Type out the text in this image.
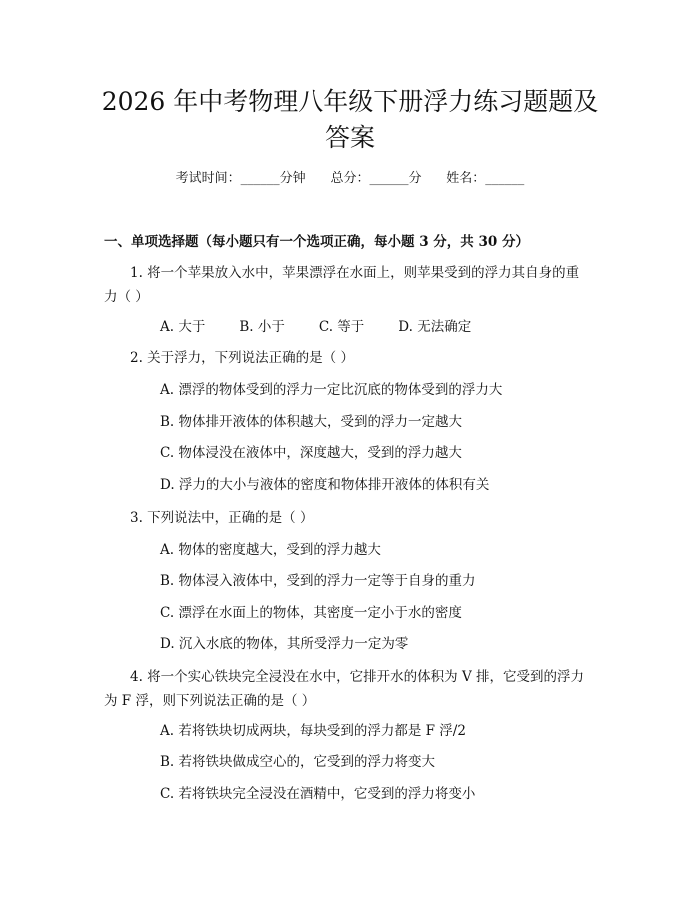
2026 年中考物理八年级下册浮力练习题题及
答案
考试时间：______分钟 总分：______分 姓名：______
一、单项选择题（每小题只有一个选项正确，每小题 3 分，共 30 分）
1. 将一个苹果放入水中，苹果漂浮在水面上，则苹果受到的浮力其自身的重
力（ ）
A. 大于	B. 小于	C. 等于	D. 无法确定
2. 关于浮力，下列说法正确的是（ ）
A. 漂浮的物体受到的浮力一定比沉底的物体受到的浮力大
B. 物体排开液体的体积越大，受到的浮力一定越大
C. 物体浸没在液体中，深度越大，受到的浮力越大
D. 浮力的大小与液体的密度和物体排开液体的体积有关
3. 下列说法中，正确的是（ ）
A. 物体的密度越大，受到的浮力越大
B. 物体浸入液体中，受到的浮力一定等于自身的重力
C. 漂浮在水面上的物体，其密度一定小于水的密度
D. 沉入水底的物体，其所受浮力一定为零
4. 将一个实心铁块完全浸没在水中，它排开水的体积为 V 排，它受到的浮力
为 F 浮，则下列说法正确的是（ ）
A. 若将铁块切成两块，每块受到的浮力都是 F 浮/2
B. 若将铁块做成空心的，它受到的浮力将变大
C. 若将铁块完全浸没在酒精中，它受到的浮力将变小
